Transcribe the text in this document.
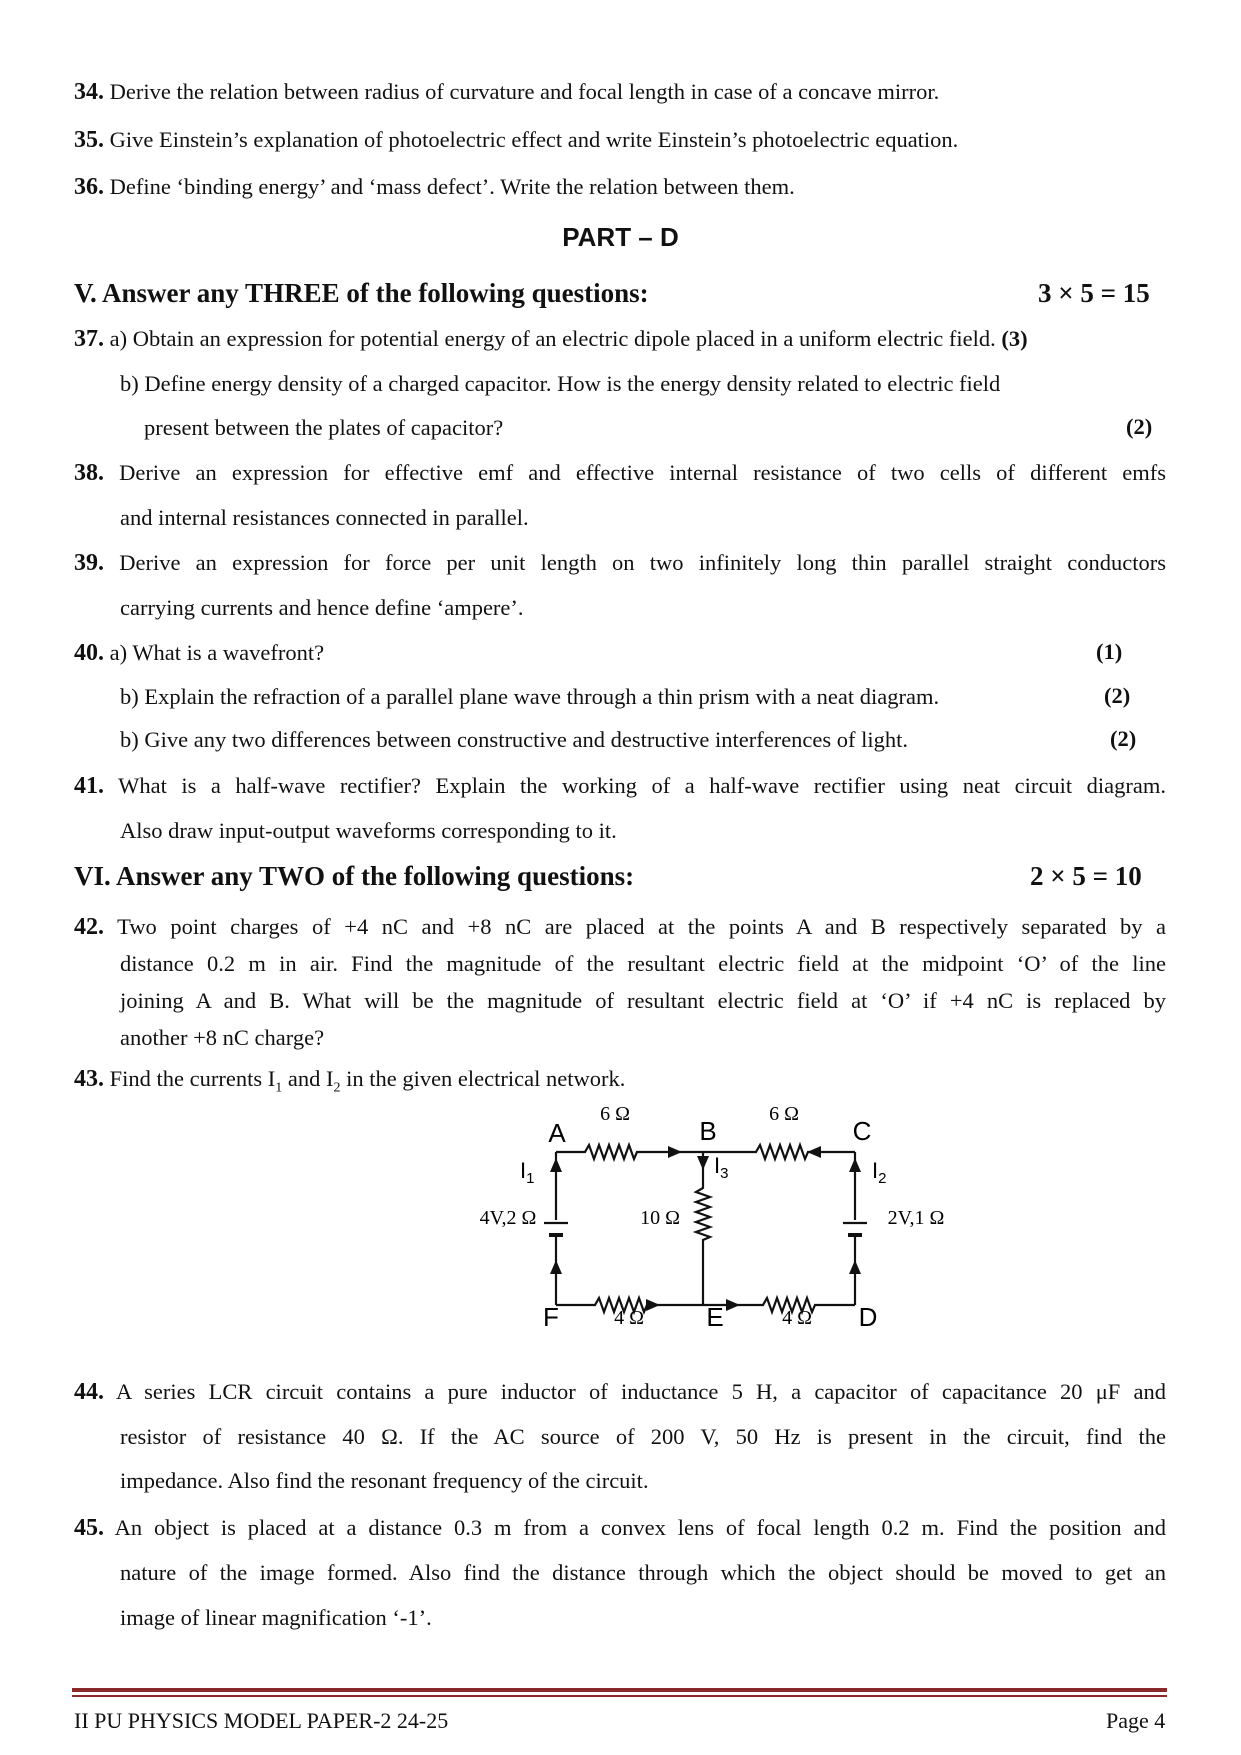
34. Derive the relation between radius of curvature and focal length in case of a concave mirror.
35. Give Einstein’s explanation of photoelectric effect and write Einstein’s photoelectric equation.
36. Define ‘binding energy’ and ‘mass defect’. Write the relation between them.
PART – D
V. Answer any THREE of the following questions:	3 × 5 = 15
37. a) Obtain an expression for potential energy of an electric dipole placed in a uniform electric field. (3)
b) Define energy density of a charged capacitor. How is the energy density related to electric field
present between the plates of capacitor?	(2)
38. Derive an expression for effective emf and effective internal resistance of two cells of different emfs
and internal resistances connected in parallel.
39. Derive an expression for force per unit length on two infinitely long thin parallel straight conductors
carrying currents and hence define ‘ampere’.
40. a) What is a wavefront?	(1)
b) Explain the refraction of a parallel plane wave through a thin prism with a neat diagram.	(2)
b) Give any two differences between constructive and destructive interferences of light.	(2)
41. What is a half-wave rectifier? Explain the working of a half-wave rectifier using neat circuit diagram.
Also draw input-output waveforms corresponding to it.
VI. Answer any TWO of the following questions:	2 × 5 = 10
42. Two point charges of +4 nC and +8 nC are placed at the points A and B respectively separated by a
distance 0.2 m in air. Find the magnitude of the resultant electric field at the midpoint ‘O’ of the line
joining A and B. What will be the magnitude of resultant electric field at ‘O’ if +4 nC is replaced by
another +8 nC charge?
43. Find the currents $I_1$ and $I_2$ in the given electrical network.
A	B	C
F	E	D
6 Ω	6 Ω
10 Ω
4 Ω	4 Ω
4V,2 Ω	2V,1 Ω
$I_1$
$I_3$	$I_2$
44. A series LCR circuit contains a pure inductor of inductance 5 H, a capacitor of capacitance 20 μF and
resistor of resistance 40 Ω. If the AC source of 200 V, 50 Hz is present in the circuit, find the
impedance. Also find the resonant frequency of the circuit.
45. An object is placed at a distance 0.3 m from a convex lens of focal length 0.2 m. Find the position and
nature of the image formed. Also find the distance through which the object should be moved to get an
image of linear magnification ‘-1’.
II PU PHYSICS MODEL PAPER-2 24-25	Page 4
